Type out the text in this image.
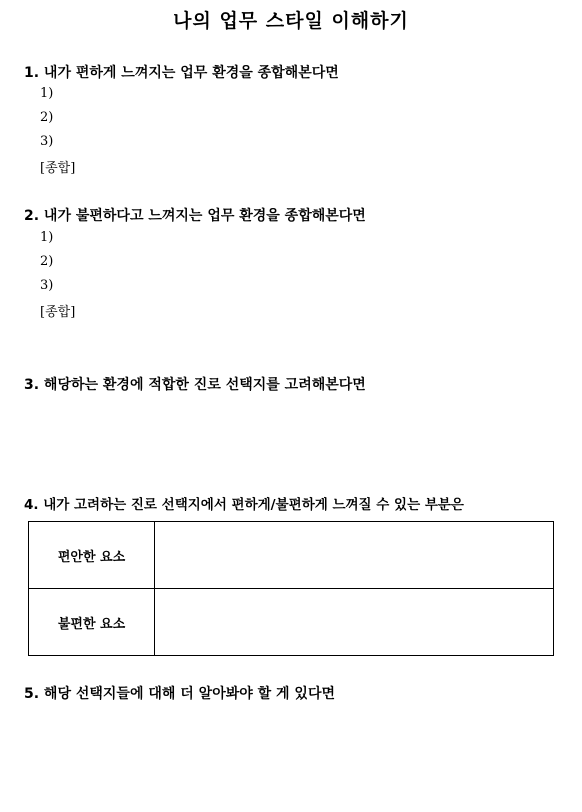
나의 업무 스타일 이해하기
1. 내가 편하게 느껴지는 업무 환경을 종합해본다면
1)
2)
3)
[종합]
2. 내가 불편하다고 느껴지는 업무 환경을 종합해본다면
1)
2)
3)
[종합]
3. 해당하는 환경에 적합한 진로 선택지를 고려해본다면
4. 내가 고려하는 진로 선택지에서 편하게/불편하게 느껴질 수 있는 부분은
편안한 요소	
불편한 요소	
5. 해당 선택지들에 대해 더 알아봐야 할 게 있다면
